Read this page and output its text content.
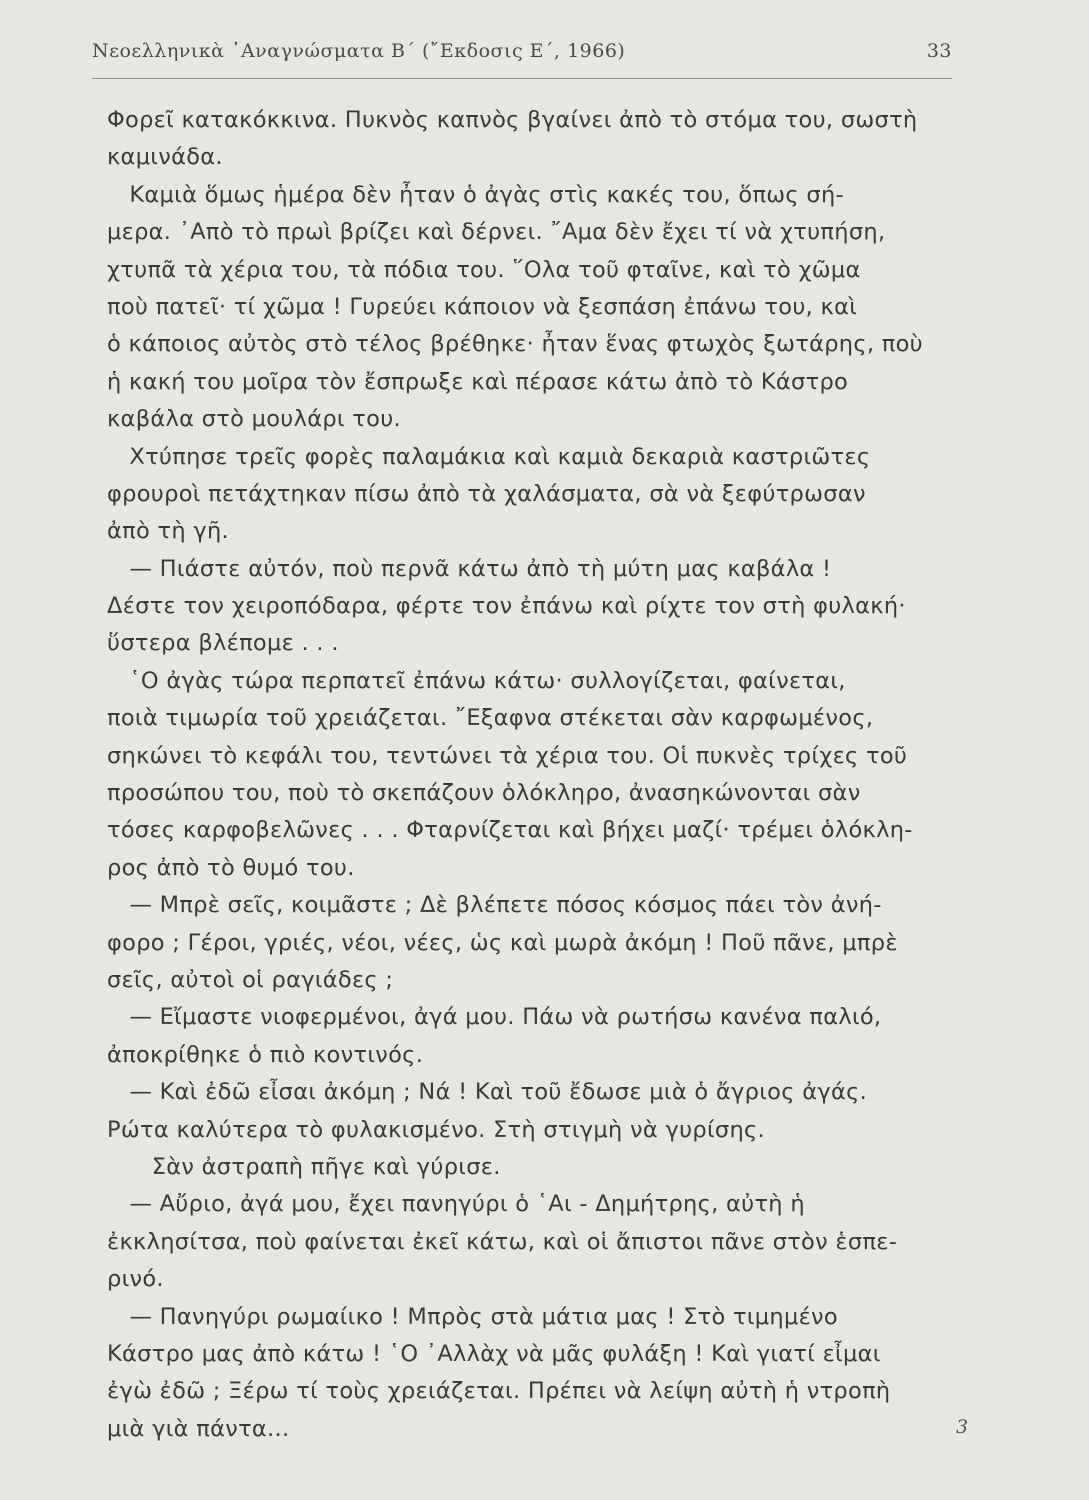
Νεοελληνικὰ ᾿Αναγνώσματα Β΄ (῎Εκδοσις Ε΄, 1966)	33
Φορεῖ κατακόκκινα. Πυκνὸς καπνὸς βγαίνει ἀπὸ τὸ στόμα του, σωστὴ
καμινάδα.
Καμιὰ ὅμως ἡμέρα δὲν ἦταν ὁ ἀγὰς στὶς κακές του, ὅπως σή-
μερα. ᾿Απὸ τὸ πρωὶ βρίζει καὶ δέρνει. ῎Αμα δὲν ἔχει τί νὰ χτυπήση,
χτυπᾶ τὰ χέρια του, τὰ πόδια του. ῞Ολα τοῦ φταῖνε, καὶ τὸ χῶμα
ποὺ πατεῖ· τί χῶμα ! Γυρεύει κάποιον νὰ ξεσπάση ἐπάνω του, καὶ
ὁ κάποιος αὐτὸς στὸ τέλος βρέθηκε· ἦταν ἕνας φτωχὸς ξωτάρης, ποὺ
ἡ κακή του μοῖρα τὸν ἔσπρωξε καὶ πέρασε κάτω ἀπὸ τὸ Κάστρο
καβάλα στὸ μουλάρι του.
Χτύπησε τρεῖς φορὲς παλαμάκια καὶ καμιὰ δεκαριὰ καστριῶτες
φρουροὶ πετάχτηκαν πίσω ἀπὸ τὰ χαλάσματα, σὰ νὰ ξεφύτρωσαν
ἀπὸ τὴ γῆ.
— Πιάστε αὐτόν, ποὺ περνᾶ κάτω ἀπὸ τὴ μύτη μας καβάλα !
Δέστε τον χειροπόδαρα, φέρτε τον ἐπάνω καὶ ρίχτε τον στὴ φυλακή·
ὕστερα βλέπομε . . .
῾Ο ἀγὰς τώρα περπατεῖ ἐπάνω κάτω· συλλογίζεται, φαίνεται,
ποιὰ τιμωρία τοῦ χρειάζεται. ῎Εξαφνα στέκεται σὰν καρφωμένος,
σηκώνει τὸ κεφάλι του, τεντώνει τὰ χέρια του. Οἱ πυκνὲς τρίχες τοῦ
προσώπου του, ποὺ τὸ σκεπάζουν ὁλόκληρο, ἀνασηκώνονται σὰν
τόσες καρφοβελῶνες . . . Φταρνίζεται καὶ βήχει μαζί· τρέμει ὁλόκλη-
ρος ἀπὸ τὸ θυμό του.
— Μπρὲ σεῖς, κοιμᾶστε ; Δὲ βλέπετε πόσος κόσμος πάει τὸν ἀνή-
φορο ; Γέροι, γριές, νέοι, νέες, ὡς καὶ μωρὰ ἀκόμη ! Ποῦ πᾶνε, μπρὲ
σεῖς, αὐτοὶ οἱ ραγιάδες ;
— Εἴμαστε νιοφερμένοι, ἀγά μου. Πάω νὰ ρωτήσω κανένα παλιό,
ἀποκρίθηκε ὁ πιὸ κοντινός.
— Καὶ ἐδῶ εἶσαι ἀκόμη ; Νά ! Καὶ τοῦ ἔδωσε μιὰ ὁ ἄγριος ἀγάς.
Ρώτα καλύτερα τὸ φυλακισμένο. Στὴ στιγμὴ νὰ γυρίσης.
Σὰν ἀστραπὴ πῆγε καὶ γύρισε.
— Αὔριο, ἀγά μου, ἔχει πανηγύρι ὁ ῾Αι - Δημήτρης, αὐτὴ ἡ
ἐκκλησίτσα, ποὺ φαίνεται ἐκεῖ κάτω, καὶ οἱ ἄπιστοι πᾶνε στὸν ἑσπε-
ρινό.
— Πανηγύρι ρωμαίικο ! Μπρὸς στὰ μάτια μας ! Στὸ τιμημένο
Κάστρο μας ἀπὸ κάτω ! ῾Ο ᾿Αλλὰχ νὰ μᾶς φυλάξη ! Καὶ γιατί εἶμαι
ἐγὼ ἐδῶ ; Ξέρω τί τοὺς χρειάζεται. Πρέπει νὰ λείψη αὐτὴ ἡ ντροπὴ
μιὰ γιὰ πάντα...	3
